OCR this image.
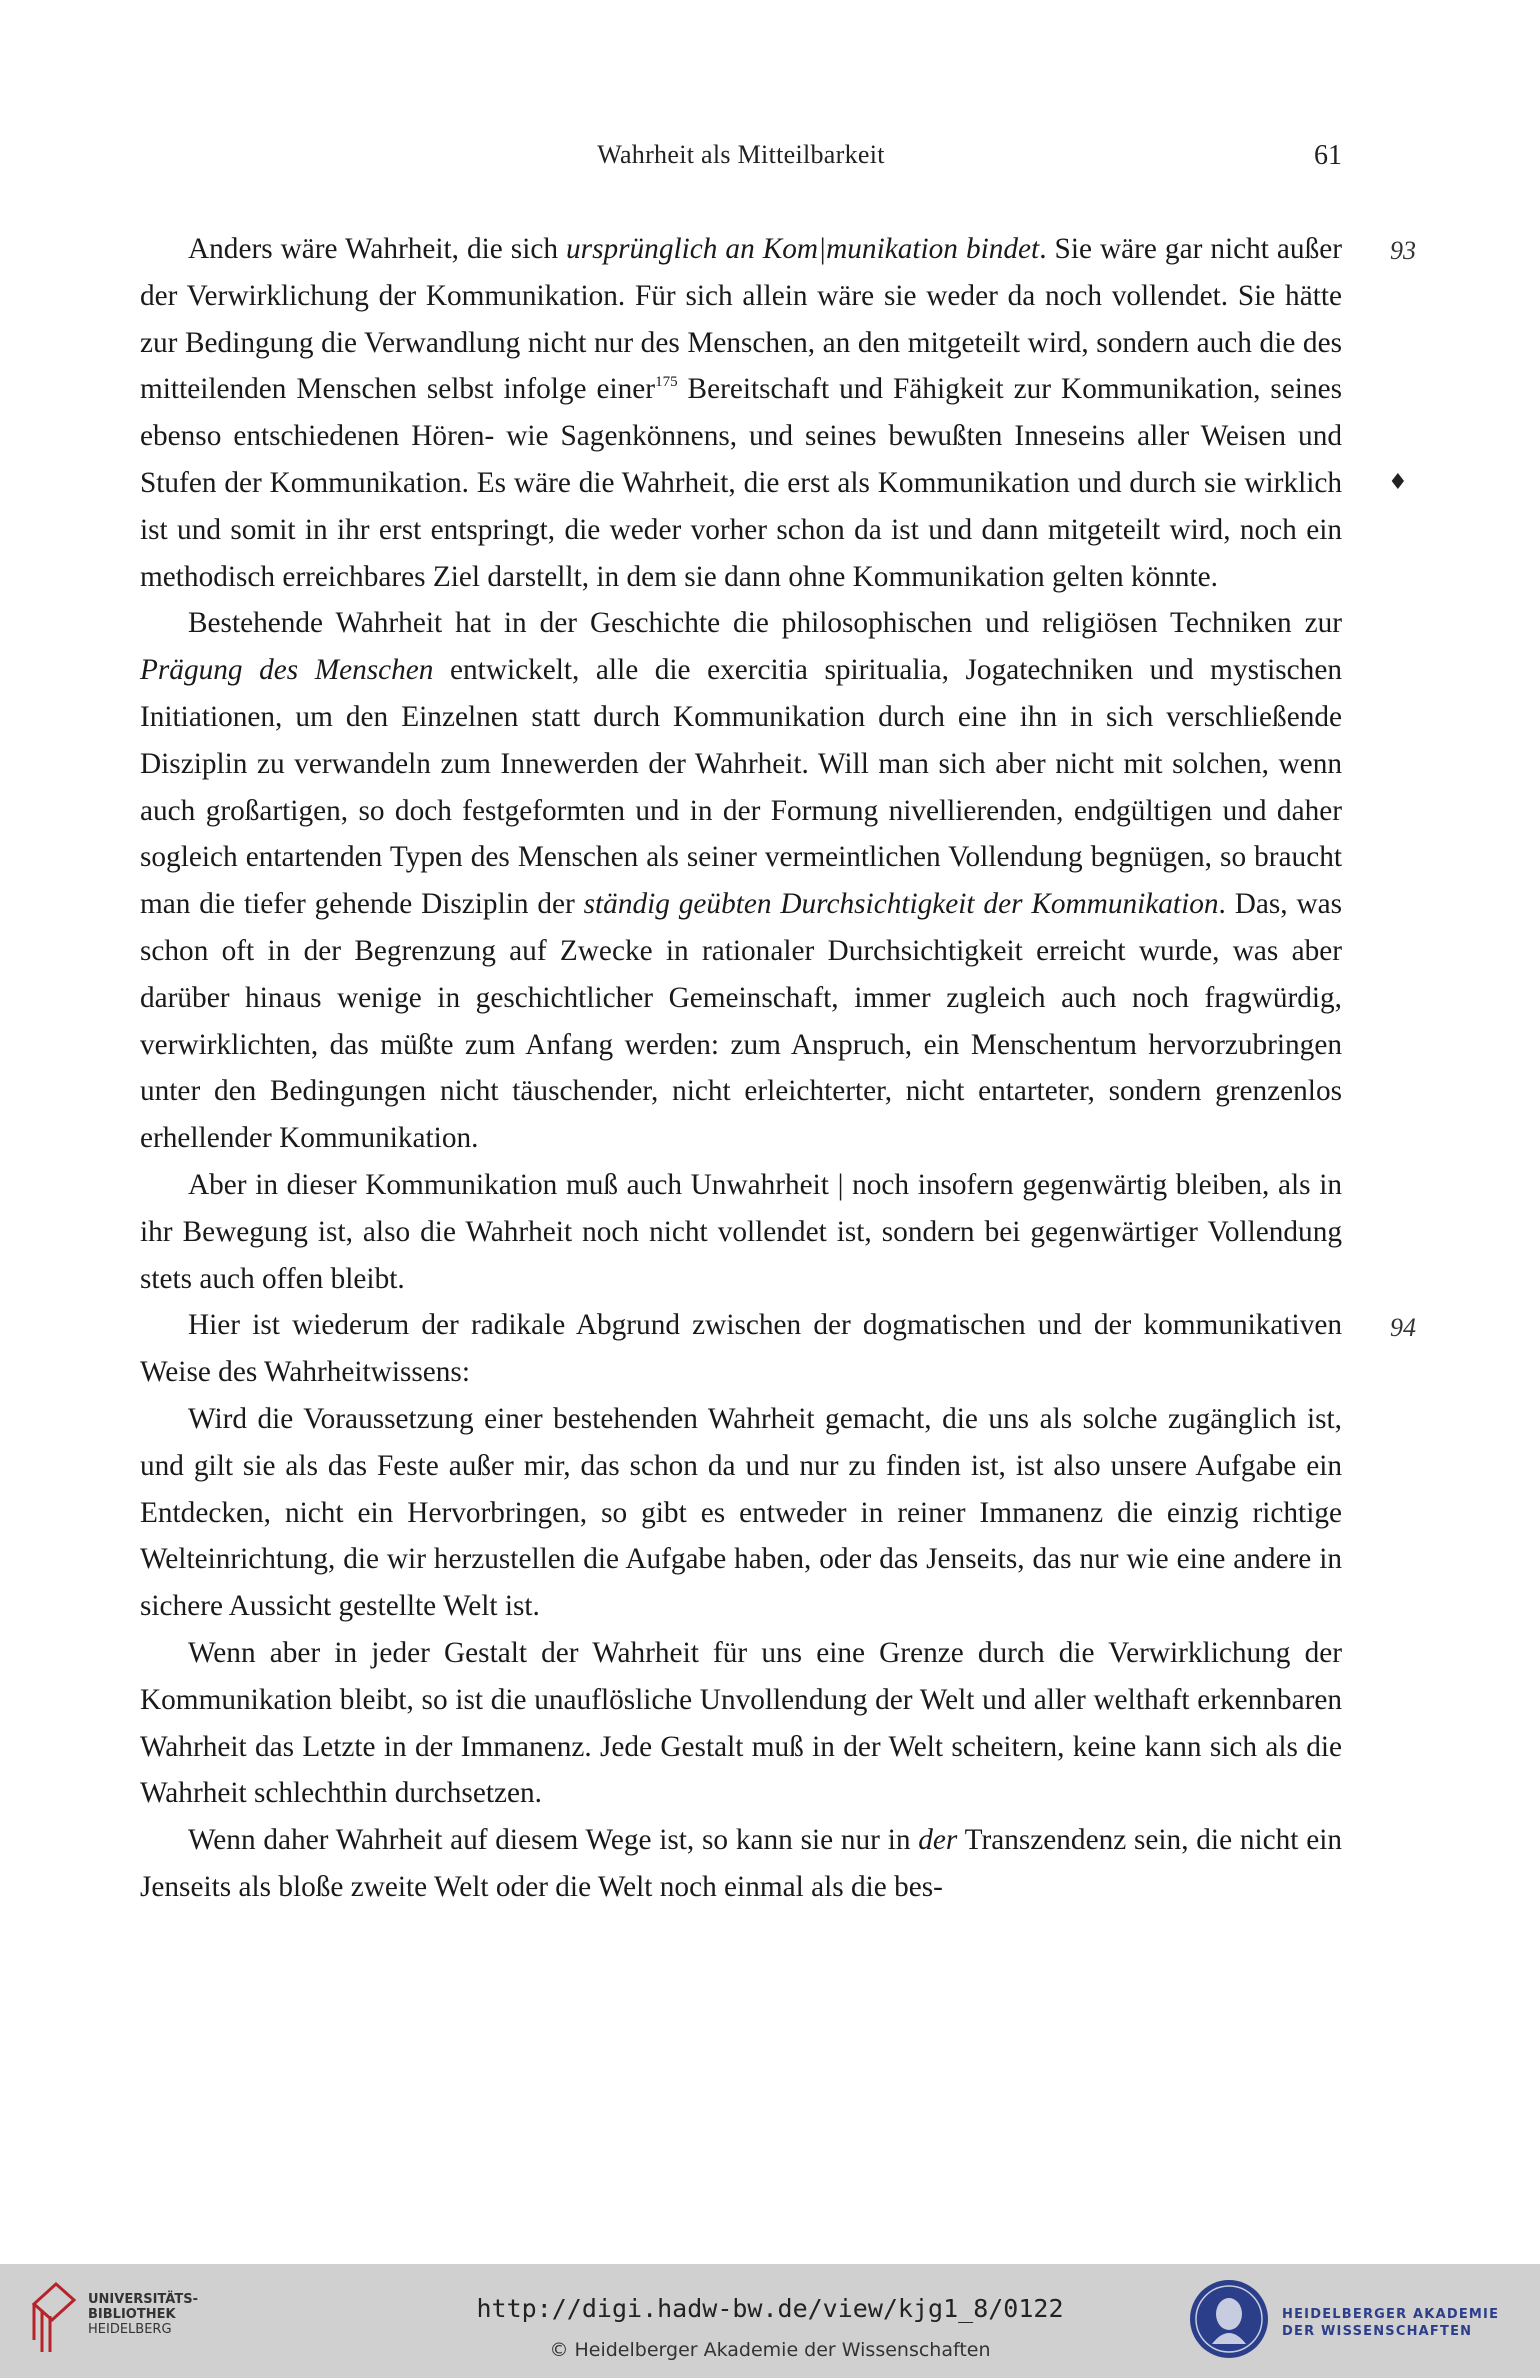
Wahrheit als Mitteilbarkeit	61
93
♦
94

Anders wäre Wahrheit, die sich ursprünglich an Kom|munikation bindet. Sie wäre gar nicht außer der Verwirklichung der Kommunikation. Für sich allein wäre sie weder da noch vollendet. Sie hätte zur Bedingung die Verwandlung nicht nur des Menschen, an den mitgeteilt wird, sondern auch die des mitteilenden Menschen selbst infolge einer$^{175}$ Bereitschaft und Fähigkeit zur Kommunikation, seines ebenso entschiedenen Hören- wie Sagenkönnens, und seines bewußten Inneseins aller Weisen und Stufen der Kommunikation. Es wäre die Wahrheit, die erst als Kommunikation und durch sie wirklich ist und somit in ihr erst entspringt, die weder vorher schon da ist und dann mitgeteilt wird, noch ein methodisch erreichbares Ziel darstellt, in dem sie dann ohne Kommunikation gelten könnte.

Bestehende Wahrheit hat in der Geschichte die philosophischen und religiösen Techniken zur Prägung des Menschen entwickelt, alle die exercitia spiritualia, Jogatechniken und mystischen Initiationen, um den Einzelnen statt durch Kommunikation durch eine ihn in sich verschließende Disziplin zu verwandeln zum Innewerden der Wahrheit. Will man sich aber nicht mit solchen, wenn auch großartigen, so doch festgeformten und in der Formung nivellierenden, endgültigen und daher sogleich entartenden Typen des Menschen als seiner vermeintlichen Vollendung begnügen, so braucht man die tiefer gehende Disziplin der ständig geübten Durchsichtigkeit der Kommunikation. Das, was schon oft in der Begrenzung auf Zwecke in rationaler Durchsichtigkeit erreicht wurde, was aber darüber hinaus wenige in geschichtlicher Gemeinschaft, immer zugleich auch noch fragwürdig, verwirklichten, das müßte zum Anfang werden: zum Anspruch, ein Menschentum hervorzubringen unter den Bedingungen nicht täuschender, nicht erleichterter, nicht entarteter, sondern grenzenlos erhellender Kommunikation.

Aber in dieser Kommunikation muß auch Unwahrheit | noch insofern gegenwärtig bleiben, als in ihr Bewegung ist, also die Wahrheit noch nicht vollendet ist, sondern bei gegenwärtiger Vollendung stets auch offen bleibt.

Hier ist wiederum der radikale Abgrund zwischen der dogmatischen und der kommunikativen Weise des Wahrheitwissens:

Wird die Voraussetzung einer bestehenden Wahrheit gemacht, die uns als solche zugänglich ist, und gilt sie als das Feste außer mir, das schon da und nur zu finden ist, ist also unsere Aufgabe ein Entdecken, nicht ein Hervorbringen, so gibt es entweder in reiner Immanenz die einzig richtige Welteinrichtung, die wir herzustellen die Aufgabe haben, oder das Jenseits, das nur wie eine andere in sichere Aussicht gestellte Welt ist.

Wenn aber in jeder Gestalt der Wahrheit für uns eine Grenze durch die Verwirklichung der Kommunikation bleibt, so ist die unauflösliche Unvollendung der Welt und aller welthaft erkennbaren Wahrheit das Letzte in der Immanenz. Jede Gestalt muß in der Welt scheitern, keine kann sich als die Wahrheit schlechthin durchsetzen.

Wenn daher Wahrheit auf diesem Wege ist, so kann sie nur in der Transzendenz sein, die nicht ein Jenseits als bloße zweite Welt oder die Welt noch einmal als die bes-

UNIVERSITÄTS-
BIBLIOTHEK
HEIDELBERG
http://digi.hadw-bw.de/view/kjg1_8/0122
© Heidelberger Akademie der Wissenschaften
HEIDELBERGER AKADEMIE
DER WISSENSCHAFTEN
